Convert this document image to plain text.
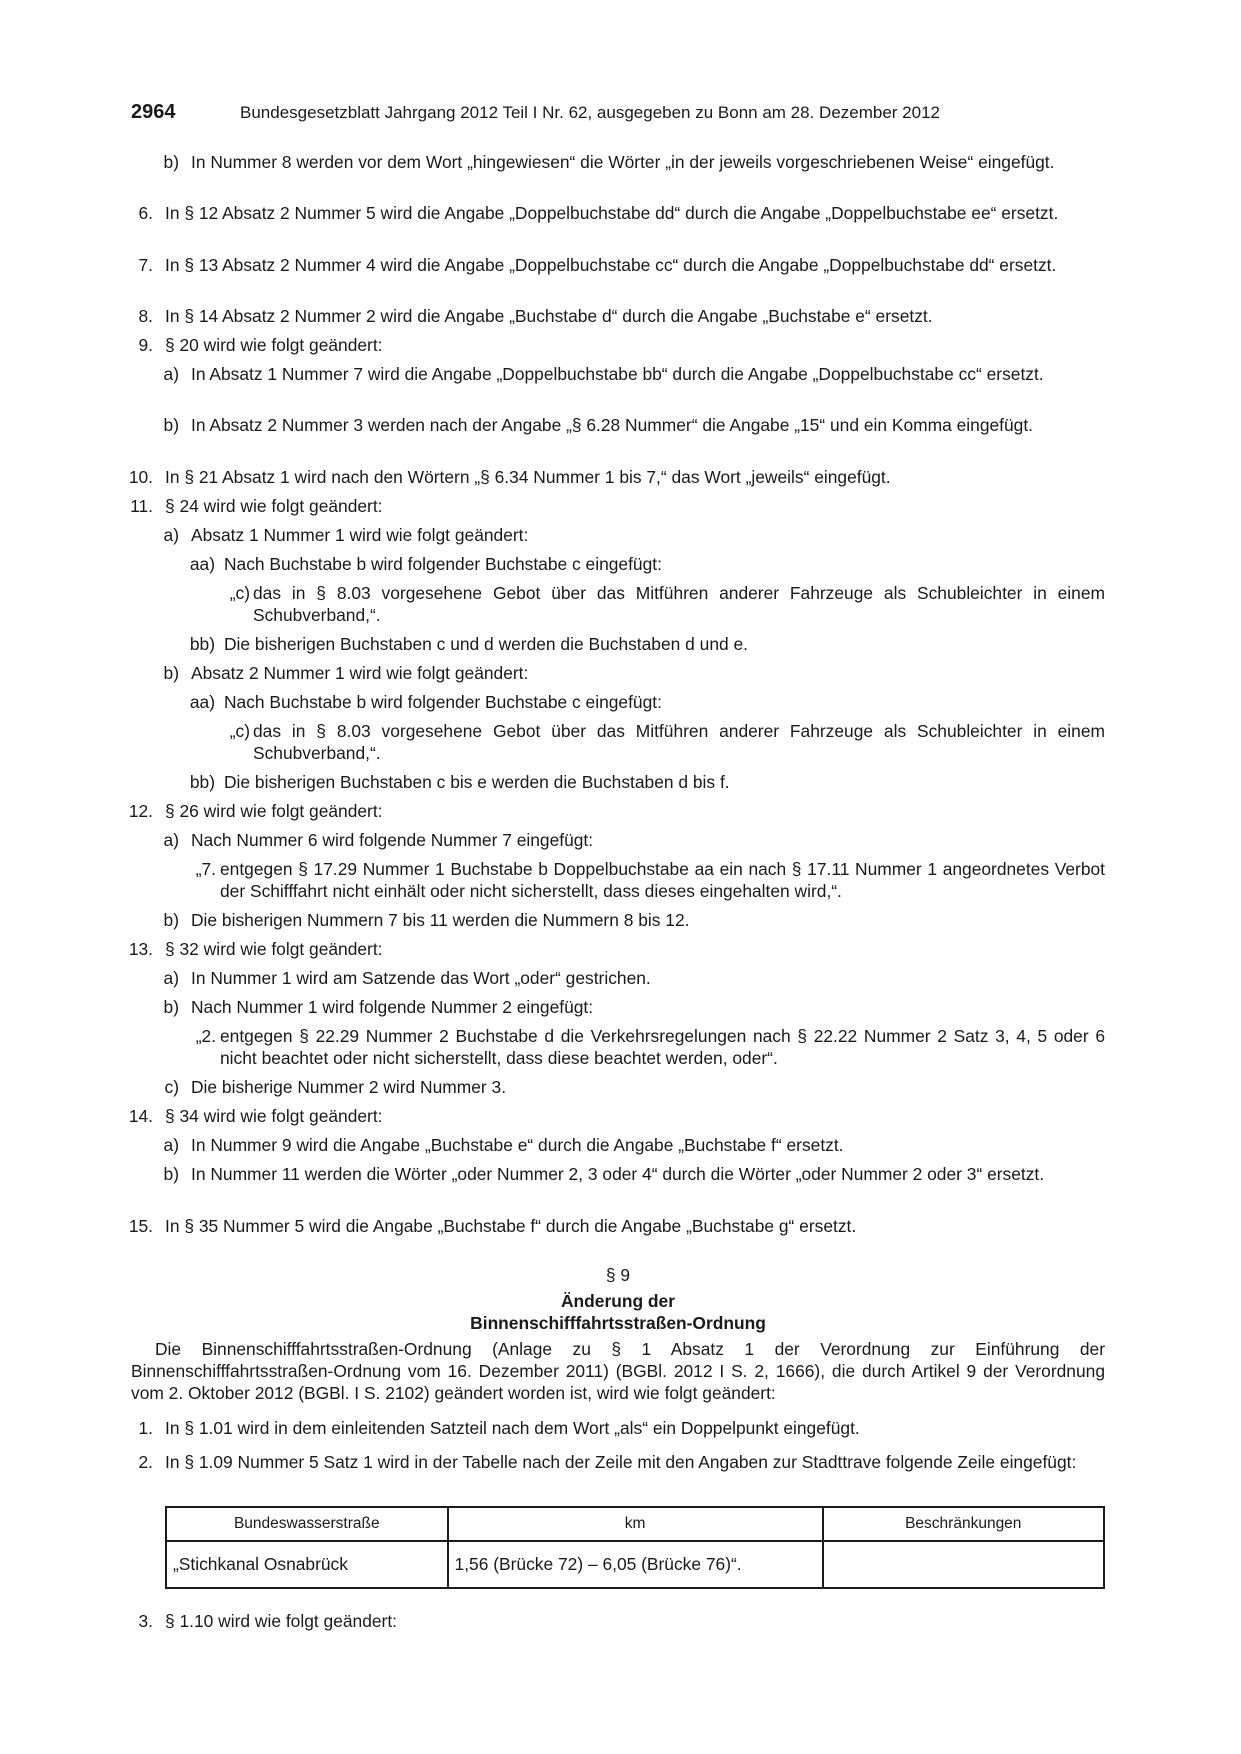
2964	Bundesgesetzblatt Jahrgang 2012 Teil I Nr. 62, ausgegeben zu Bonn am 28. Dezember 2012
b) In Nummer 8 werden vor dem Wort „hingewiesen“ die Wörter „in der jeweils vorgeschriebenen Weise“ eingefügt.
6. In § 12 Absatz 2 Nummer 5 wird die Angabe „Doppelbuchstabe dd“ durch die Angabe „Doppelbuchstabe ee“ ersetzt.
7. In § 13 Absatz 2 Nummer 4 wird die Angabe „Doppelbuchstabe cc“ durch die Angabe „Doppelbuchstabe dd“ ersetzt.
8. In § 14 Absatz 2 Nummer 2 wird die Angabe „Buchstabe d“ durch die Angabe „Buchstabe e“ ersetzt.
9. § 20 wird wie folgt geändert:
a) In Absatz 1 Nummer 7 wird die Angabe „Doppelbuchstabe bb“ durch die Angabe „Doppelbuchstabe cc“ ersetzt.
b) In Absatz 2 Nummer 3 werden nach der Angabe „§ 6.28 Nummer“ die Angabe „15“ und ein Komma eingefügt.
10. In § 21 Absatz 1 wird nach den Wörtern „§ 6.34 Nummer 1 bis 7,“ das Wort „jeweils“ eingefügt.
11. § 24 wird wie folgt geändert:
a) Absatz 1 Nummer 1 wird wie folgt geändert:
aa) Nach Buchstabe b wird folgender Buchstabe c eingefügt:
„c) das in § 8.03 vorgesehene Gebot über das Mitführen anderer Fahrzeuge als Schubleichter in einem Schubverband,“.
bb) Die bisherigen Buchstaben c und d werden die Buchstaben d und e.
b) Absatz 2 Nummer 1 wird wie folgt geändert:
aa) Nach Buchstabe b wird folgender Buchstabe c eingefügt:
„c) das in § 8.03 vorgesehene Gebot über das Mitführen anderer Fahrzeuge als Schubleichter in einem Schubverband,“.
bb) Die bisherigen Buchstaben c bis e werden die Buchstaben d bis f.
12. § 26 wird wie folgt geändert:
a) Nach Nummer 6 wird folgende Nummer 7 eingefügt:
„7. entgegen § 17.29 Nummer 1 Buchstabe b Doppelbuchstabe aa ein nach § 17.11 Nummer 1 angeordnetes Verbot der Schifffahrt nicht einhält oder nicht sicherstellt, dass dieses eingehalten wird,“.
b) Die bisherigen Nummern 7 bis 11 werden die Nummern 8 bis 12.
13. § 32 wird wie folgt geändert:
a) In Nummer 1 wird am Satzende das Wort „oder“ gestrichen.
b) Nach Nummer 1 wird folgende Nummer 2 eingefügt:
„2. entgegen § 22.29 Nummer 2 Buchstabe d die Verkehrsregelungen nach § 22.22 Nummer 2 Satz 3, 4, 5 oder 6 nicht beachtet oder nicht sicherstellt, dass diese beachtet werden, oder“.
c) Die bisherige Nummer 2 wird Nummer 3.
14. § 34 wird wie folgt geändert:
a) In Nummer 9 wird die Angabe „Buchstabe e“ durch die Angabe „Buchstabe f“ ersetzt.
b) In Nummer 11 werden die Wörter „oder Nummer 2, 3 oder 4“ durch die Wörter „oder Nummer 2 oder 3“ ersetzt.
15. In § 35 Nummer 5 wird die Angabe „Buchstabe f“ durch die Angabe „Buchstabe g“ ersetzt.
§ 9
Änderung der
Binnenschifffahrtsstraßen-Ordnung
Die Binnenschifffahrtsstraßen-Ordnung (Anlage zu § 1 Absatz 1 der Verordnung zur Einführung der Binnenschifffahrtsstraßen-Ordnung vom 16. Dezember 2011) (BGBl. 2012 I S. 2, 1666), die durch Artikel 9 der Verordnung vom 2. Oktober 2012 (BGBl. I S. 2102) geändert worden ist, wird wie folgt geändert:
1. In § 1.01 wird in dem einleitenden Satzteil nach dem Wort „als“ ein Doppelpunkt eingefügt.
2. In § 1.09 Nummer 5 Satz 1 wird in der Tabelle nach der Zeile mit den Angaben zur Stadttrave folgende Zeile eingefügt:
Bundeswasserstraße	km	Beschränkungen
„Stichkanal Osnabrück	1,56 (Brücke 72) – 6,05 (Brücke 76)“.	
3. § 1.10 wird wie folgt geändert:
